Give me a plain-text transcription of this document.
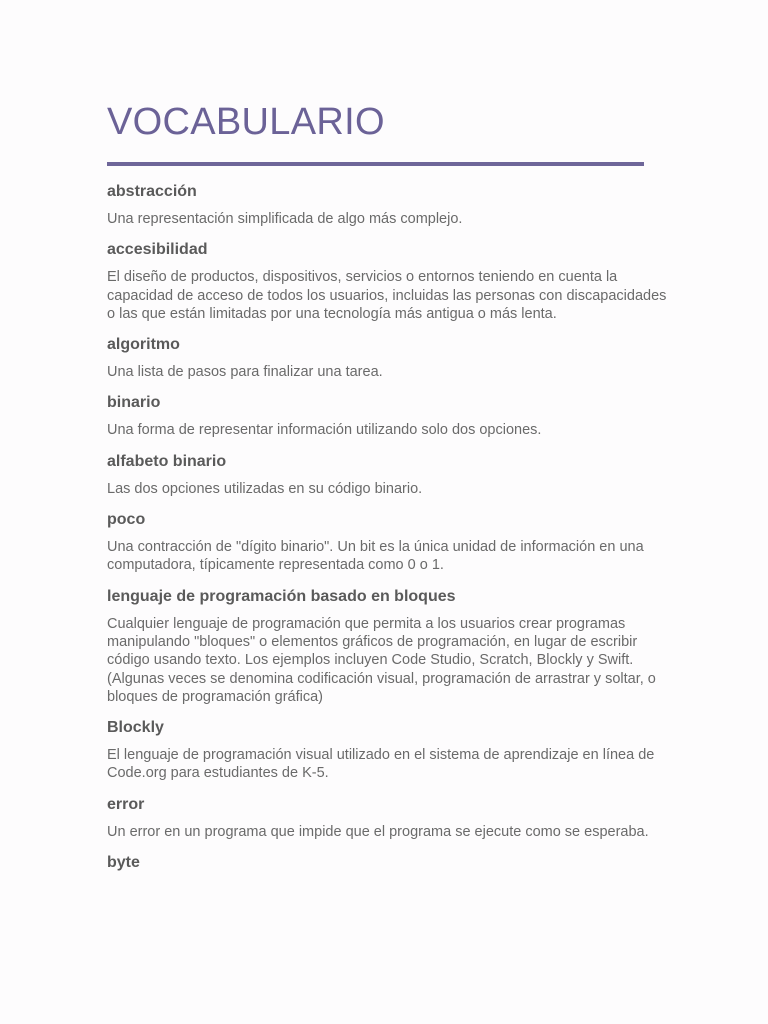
VOCABULARIO

abstracción

Una representación simplificada de algo más complejo.

accesibilidad

El diseño de productos, dispositivos, servicios o entornos teniendo en cuenta la capacidad de acceso de todos los usuarios, incluidas las personas con discapacidades o las que están limitadas por una tecnología más antigua o más lenta.

algoritmo

Una lista de pasos para finalizar una tarea.

binario

Una forma de representar información utilizando solo dos opciones.

alfabeto binario

Las dos opciones utilizadas en su código binario.

poco

Una contracción de "dígito binario". Un bit es la única unidad de información en una computadora, típicamente representada como 0 o 1.

lenguaje de programación basado en bloques

Cualquier lenguaje de programación que permita a los usuarios crear programas manipulando "bloques" o elementos gráficos de programación, en lugar de escribir código usando texto. Los ejemplos incluyen Code Studio, Scratch, Blockly y Swift. (Algunas veces se denomina codificación visual, programación de arrastrar y soltar, o bloques de programación gráfica)

Blockly

El lenguaje de programación visual utilizado en el sistema de aprendizaje en línea de Code.org para estudiantes de K-5.

error

Un error en un programa que impide que el programa se ejecute como se esperaba.

byte
